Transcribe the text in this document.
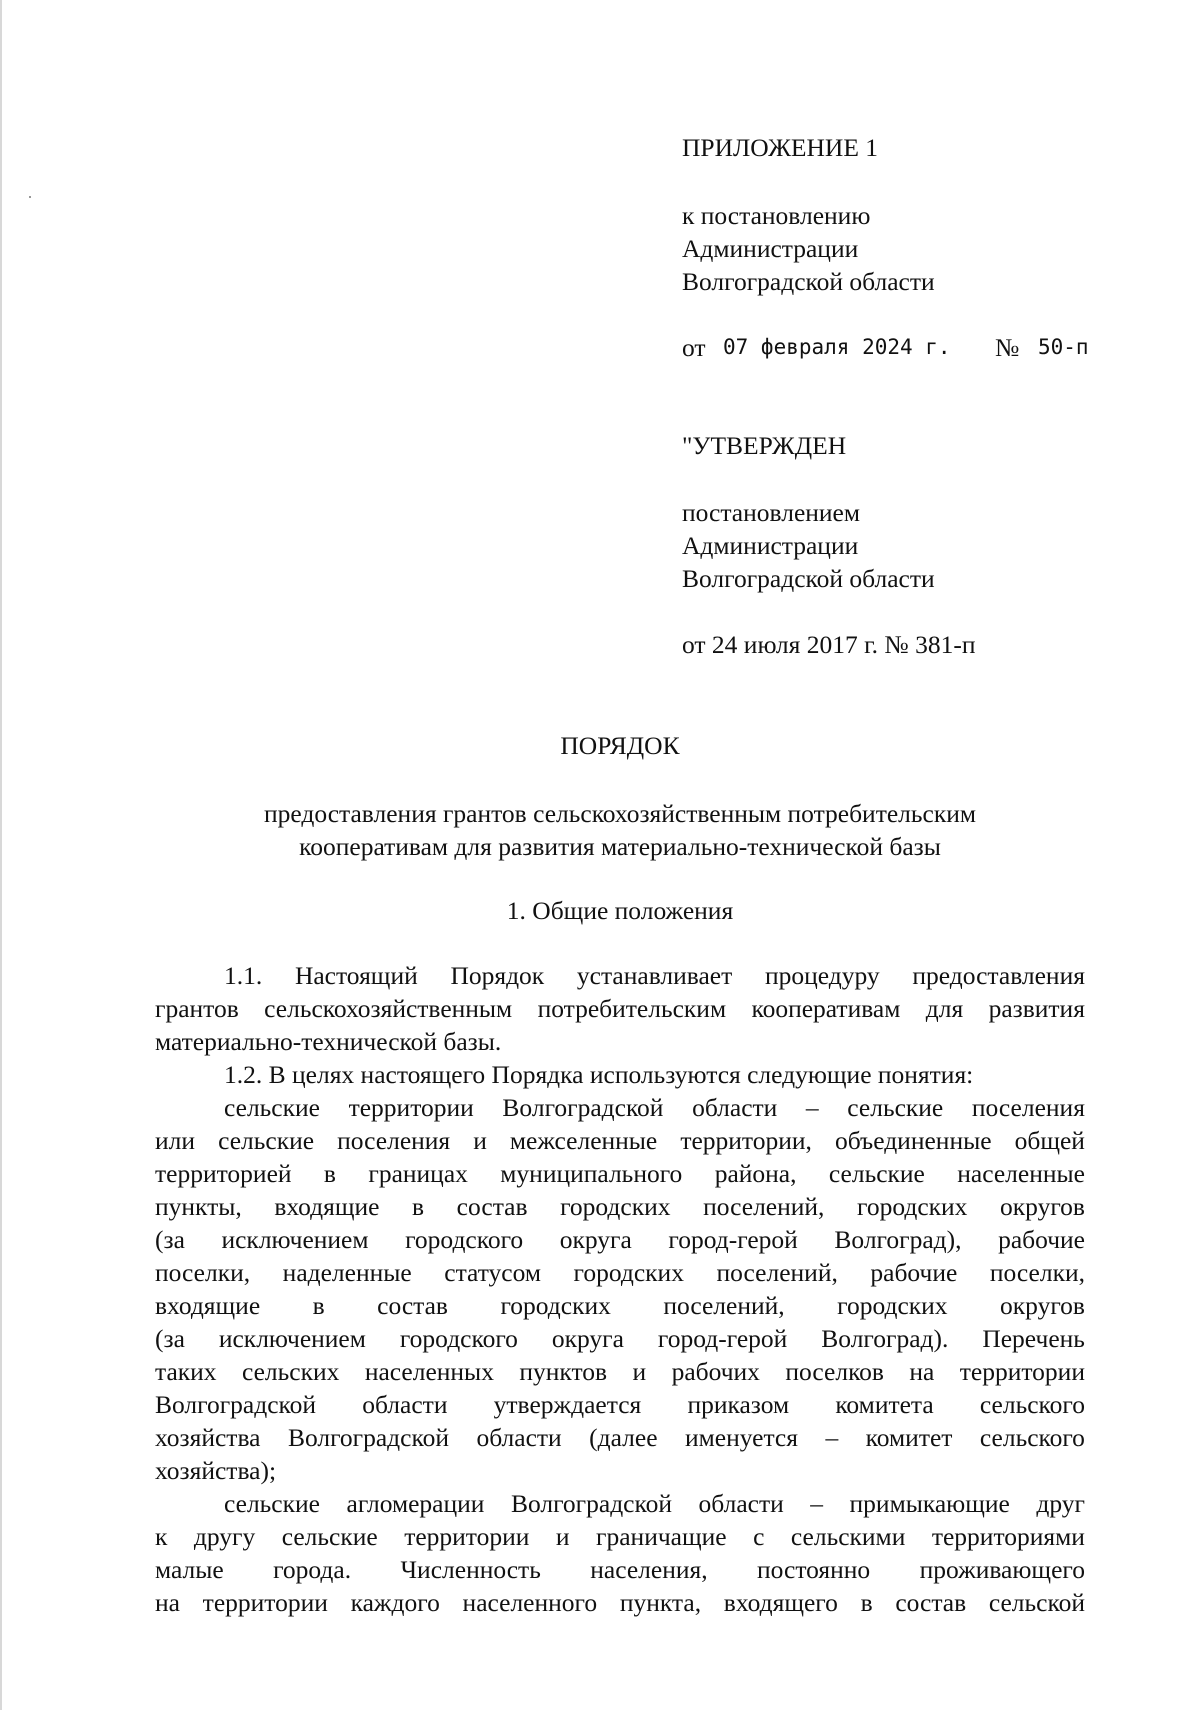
ПРИЛОЖЕНИЕ 1
к постановлению
Администрации
Волгоградской области
от 07 февраля 2024 г. № 50-п
"УТВЕРЖДЕН
постановлением
Администрации
Волгоградской области
от 24 июля 2017 г. № 381-п
ПОРЯДОК
предоставления грантов сельскохозяйственным потребительским
кооперативам для развития материально-технической базы
1. Общие положения
1.1. Настоящий Порядок устанавливает процедуру предоставления
грантов сельскохозяйственным потребительским кооперативам для развития
материально-технической базы.
1.2. В целях настоящего Порядка используются следующие понятия:
сельские территории Волгоградской области – сельские поселения
или сельские поселения и межселенные территории, объединенные общей
территорией в границах муниципального района, сельские населенные
пункты, входящие в состав городских поселений, городских округов
(за исключением городского округа город-герой Волгоград), рабочие
поселки, наделенные статусом городских поселений, рабочие поселки,
входящие в состав городских поселений, городских округов
(за исключением городского округа город-герой Волгоград). Перечень
таких сельских населенных пунктов и рабочих поселков на территории
Волгоградской области утверждается приказом комитета сельского
хозяйства Волгоградской области (далее именуется – комитет сельского
хозяйства);
сельские агломерации Волгоградской области – примыкающие друг
к другу сельские территории и граничащие с сельскими территориями
малые города. Численность населения, постоянно проживающего
на территории каждого населенного пункта, входящего в состав сельской
